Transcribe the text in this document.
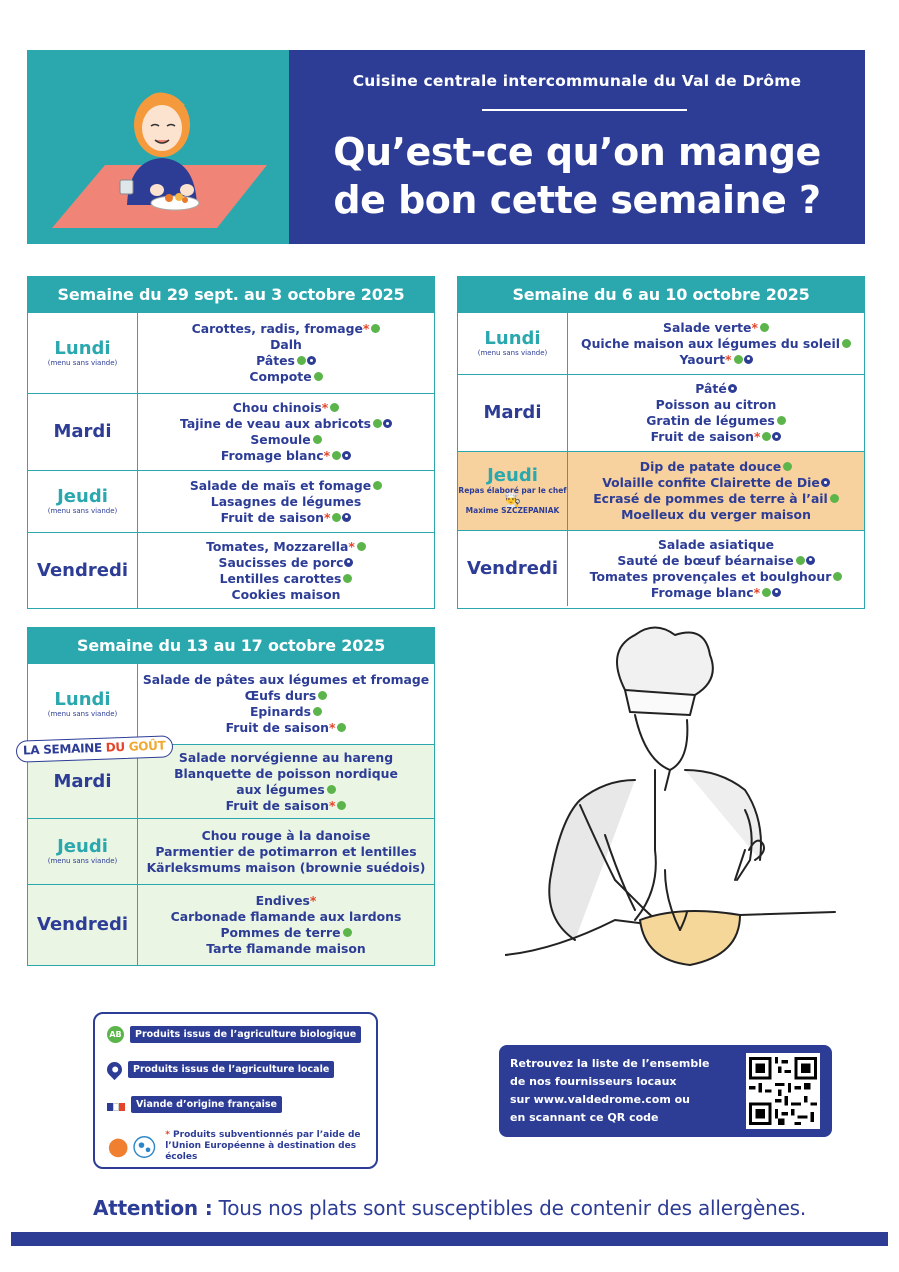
Cuisine centrale intercommunale du Val de Drôme
Qu’est-ce qu’on mange
de bon cette semaine ?
Semaine du 29 sept. au 3 octobre 2025
Lundi
(menu sans viande)
Carottes, radis, fromage*
Dalh
Pâtes
Compote
Mardi
Chou chinois*
Tajine de veau aux abricots
Semoule
Fromage blanc*
Jeudi
(menu sans viande)
Salade de maïs et fomage
Lasagnes de légumes
Fruit de saison*
Vendredi
Tomates, Mozzarella*
Saucisses de porc
Lentilles carottes
Cookies maison
Semaine du 6 au 10 octobre 2025
Lundi
(menu sans viande)
Salade verte*
Quiche maison aux légumes du soleil
Yaourt*
Mardi
Pâté
Poisson au citron
Gratin de légumes
Fruit de saison*
Jeudi
Repas élaboré par le chef 👨‍🍳
Maxime SZCZEPANIAK
Dip de patate douce
Volaille confite Clairette de Die
Ecrasé de pommes de terre à l’ail
Moelleux du verger maison
Vendredi
Salade asiatique
Sauté de bœuf béarnaise
Tomates provençales et boulghour
Fromage blanc*
Semaine du 13 au 17 octobre 2025
Lundi
(menu sans viande)
Salade de pâtes aux légumes et fromage
Œufs durs
Epinards
Fruit de saison*
Mardi
Salade norvégienne au hareng
Blanquette de poisson nordique
aux légumes
Fruit de saison*
Jeudi
(menu sans viande)
Chou rouge à la danoise
Parmentier de potimarron et lentilles
Kärleksmums maison (brownie suédois)
Vendredi
Endives*
Carbonade flamande aux lardons
Pommes de terre
Tarte flamande maison
LA SEMAINE DU GOÛT
AB	Produits issus de l’agriculture biologique
Produits issus de l’agriculture locale
Viande d’origine française
* Produits subventionnés par l’aide de
l’Union Européenne à destination des écoles
Retrouvez la liste de l’ensemble
de nos fournisseurs locaux
sur www.valdedrome.com ou
en scannant ce QR code
Attention : Tous nos plats sont susceptibles de contenir des allergènes.
